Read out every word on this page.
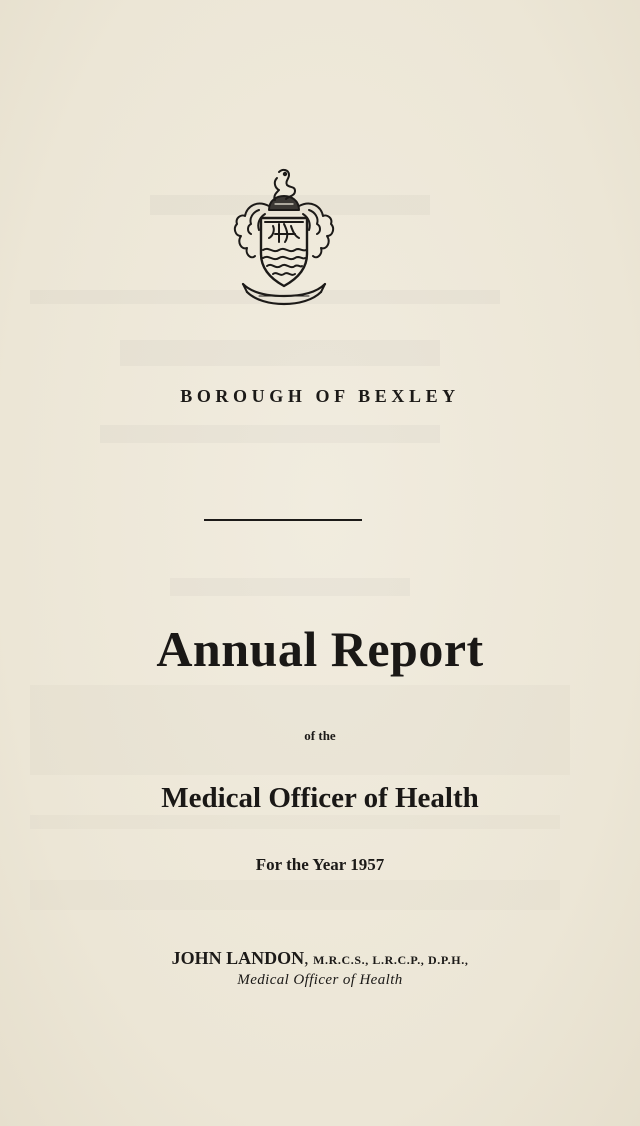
BOROUGH OF BEXLEY
Annual Report
of the
Medical Officer of Health
For the Year 1957
JOHN LANDON, M.R.C.S., L.R.C.P., D.P.H.,
Medical Officer of Health
